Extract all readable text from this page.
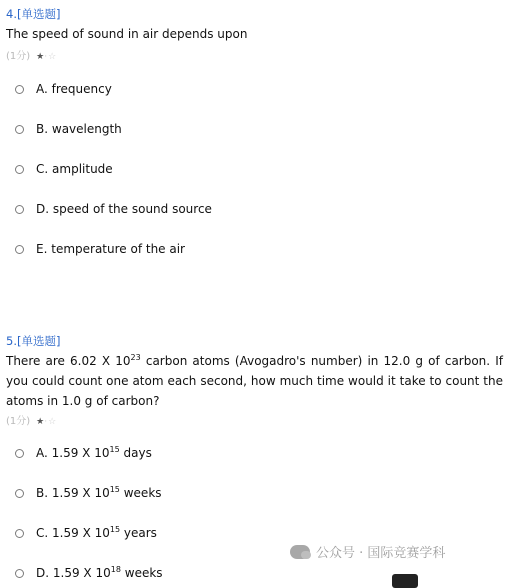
4.[单选题]
The speed of sound in air depends upon
(1分) ★·☆
A. frequency
B. wavelength
C. amplitude
D. speed of the sound source
E. temperature of the air
5.[单选题]
There are 6.02 X $10^{23}$ carbon atoms (Avogadro's number) in 12.0 g of carbon. If you could count one atom each second, how much time would it take to count the atoms in 1.0 g of carbon?
(1分) ★·☆
A. 1.59 X $10^{15}$ days
B. 1.59 X $10^{15}$ weeks
C. 1.59 X $10^{15}$ years
D. 1.59 X $10^{18}$ weeks
公众号 · 国际竞赛学科
